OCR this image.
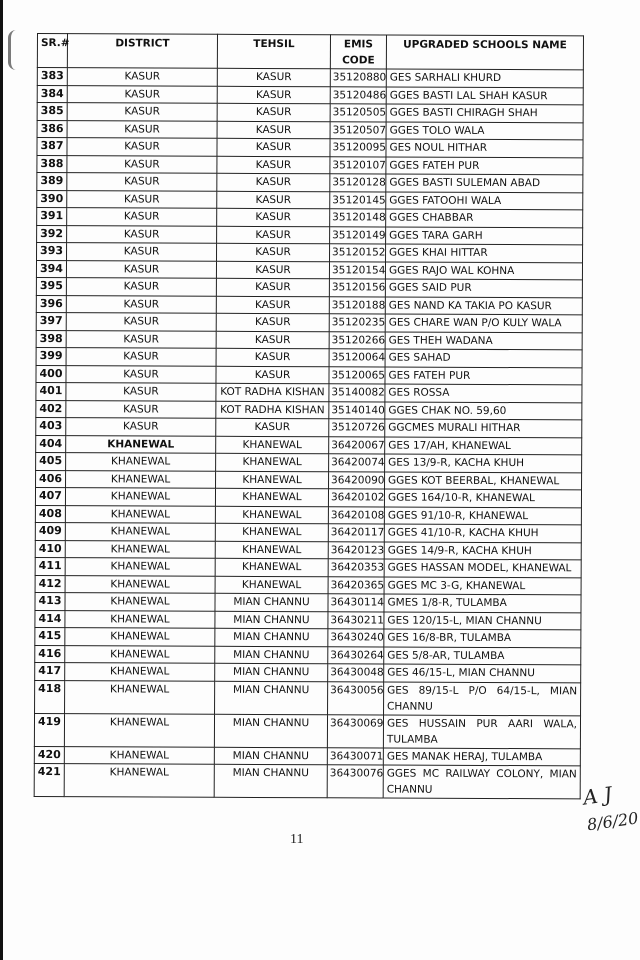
SR.#	DISTRICT	TEHSIL	EMIS CODE	UPGRADED SCHOOLS NAME
383	KASUR	KASUR	35120880	GES SARHALI KHURD
384	KASUR	KASUR	35120486	GGES BASTI LAL SHAH KASUR
385	KASUR	KASUR	35120505	GGES BASTI CHIRAGH SHAH
386	KASUR	KASUR	35120507	GGES TOLO WALA
387	KASUR	KASUR	35120095	GES NOUL HITHAR
388	KASUR	KASUR	35120107	GGES FATEH PUR
389	KASUR	KASUR	35120128	GGES BASTI SULEMAN ABAD
390	KASUR	KASUR	35120145	GGES FATOOHI WALA
391	KASUR	KASUR	35120148	GGES CHABBAR
392	KASUR	KASUR	35120149	GGES TARA GARH
393	KASUR	KASUR	35120152	GGES KHAI HITTAR
394	KASUR	KASUR	35120154	GGES RAJO WAL KOHNA
395	KASUR	KASUR	35120156	GGES SAID PUR
396	KASUR	KASUR	35120188	GES NAND KA TAKIA PO KASUR
397	KASUR	KASUR	35120235	GES CHARE WAN P/O KULY WALA
398	KASUR	KASUR	35120266	GES THEH WADANA
399	KASUR	KASUR	35120064	GES SAHAD
400	KASUR	KASUR	35120065	GES FATEH PUR
401	KASUR	KOT RADHA KISHAN	35140082	GES ROSSA
402	KASUR	KOT RADHA KISHAN	35140140	GGES CHAK NO. 59,60
403	KASUR	KASUR	35120726	GGCMES MURALI HITHAR
404	KHANEWAL	KHANEWAL	36420067	GES 17/AH, KHANEWAL
405	KHANEWAL	KHANEWAL	36420074	GES 13/9-R, KACHA KHUH
406	KHANEWAL	KHANEWAL	36420090	GGES KOT BEERBAL, KHANEWAL
407	KHANEWAL	KHANEWAL	36420102	GGES 164/10-R, KHANEWAL
408	KHANEWAL	KHANEWAL	36420108	GGES 91/10-R, KHANEWAL
409	KHANEWAL	KHANEWAL	36420117	GGES 41/10-R, KACHA KHUH
410	KHANEWAL	KHANEWAL	36420123	GGES 14/9-R, KACHA KHUH
411	KHANEWAL	KHANEWAL	36420353	GGES HASSAN MODEL, KHANEWAL
412	KHANEWAL	KHANEWAL	36420365	GGES MC 3-G, KHANEWAL
413	KHANEWAL	MIAN CHANNU	36430114	GMES 1/8-R, TULAMBA
414	KHANEWAL	MIAN CHANNU	36430211	GES 120/15-L, MIAN CHANNU
415	KHANEWAL	MIAN CHANNU	36430240	GES 16/8-BR, TULAMBA
416	KHANEWAL	MIAN CHANNU	36430264	GES 5/8-AR, TULAMBA
417	KHANEWAL	MIAN CHANNU	36430048	GES 46/15-L, MIAN CHANNU
418	KHANEWAL	MIAN CHANNU	36430056	GES 89/15-L P/O 64/15-L, MIAN CHANNU
419	KHANEWAL	MIAN CHANNU	36430069	GES HUSSAIN PUR AARI WALA, TULAMBA
420	KHANEWAL	MIAN CHANNU	36430071	GES MANAK HERAJ, TULAMBA
421	KHANEWAL	MIAN CHANNU	36430076	GGES MC RAILWAY COLONY, MIAN CHANNU
11
A J
8/6/20
